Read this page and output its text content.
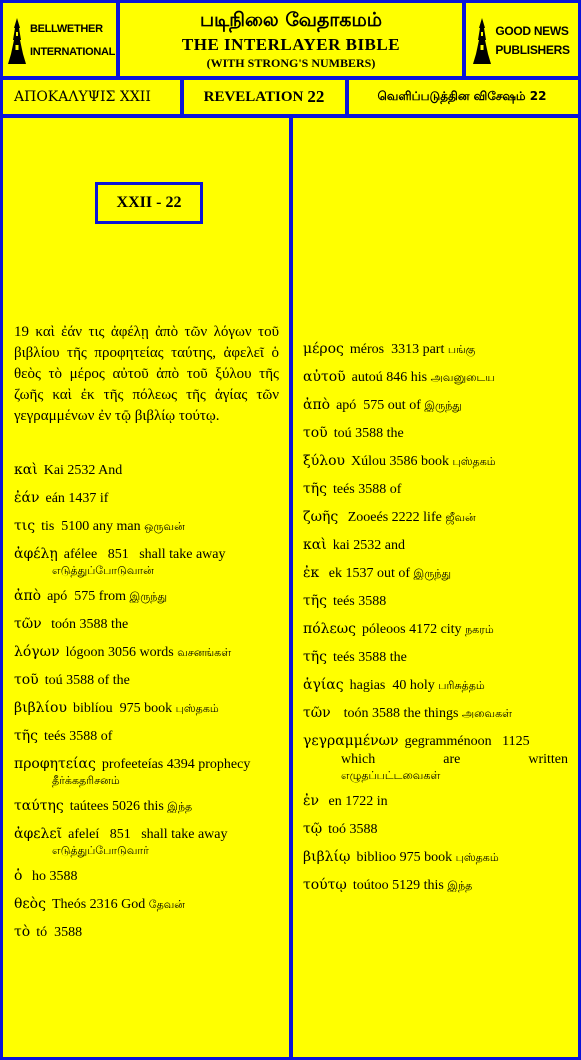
BELLWETHER
INTERNATIONAL
படிநிலை வேதாகமம்
THE INTERLAYER BIBLE
(WITH STRONG'S NUMBERS)
GOOD NEWS
PUBLISHERS
ΑΠΟΚΑΛΥΨΙΣ XXII	REVELATION 22	வெளிப்படுத்தின விசேஷம் 22
XXII - 22
19 καὶ ἐάν τις ἀφέλῃ ἀπὸ τῶν λόγων τοῦ βιβλίου τῆς προφητείας ταύτης, ἀφελεῖ ὁ θεὸς τὸ μέρος αὐτοῦ ἀπὸ τοῦ ξύλου τῆς ζωῆς καὶ ἐκ τῆς πόλεως τῆς ἁγίας τῶν γεγραμμένων ἐν τῷ βιβλίῳ τούτῳ.
καὶ Kai 2532 And
ἐάν eán 1437 if
τις tis  5100 any man ஒருவன்
ἀφέλῃ afélee   851   shall take away
எடுத்துப்போடுவான்
ἀπὸ apó  575 from இருந்து
τῶν toón 3588 the
λόγων lógoon 3056 words வசனங்கள்
τοῦ toú 3588 of the
βιβλίου biblíou  975 book புஸ்தகம்
τῆς teés 3588 of
προφητείας profeeteías 4394 prophecy
தீர்க்கதரிசனம்
ταύτης taútees 5026 this இந்த
ἀφελεῖ afeleí   851   shall take away
எடுத்துப்போடுவார்
ὁ ho 3588
θεὸς Theós 2316 God தேவன்
τὸ tó  3588
μέρος méros  3313 part பங்கு
αὐτοῦ autoú 846 his அவனுடைய
ἀπὸ apó  575 out of இருந்து
τοῦ toú 3588 the
ξύλου Xúlou 3586 book புஸ்தகம்
τῆς teés 3588 of
ζωῆς Zooeés 2222 life ஜீவன்
καὶ kai 2532 and
ἐκ ek 1537 out of இருந்து
τῆς teés 3588
πόλεως póleoos 4172 city நகரம்
τῆς teés 3588 the
ἁγίας hagias  40 holy பரிசுத்தம்
τῶν  toón 3588 the things அவைகள்
γεγραμμένων gegramménoon   1125
which	are	written
எழுதப்பட்டவைகள்
ἐν en 1722 in
τῷ toó 3588
βιβλίῳ biblioo 975 book புஸ்தகம்
τούτῳ toútoo 5129 this இந்த
